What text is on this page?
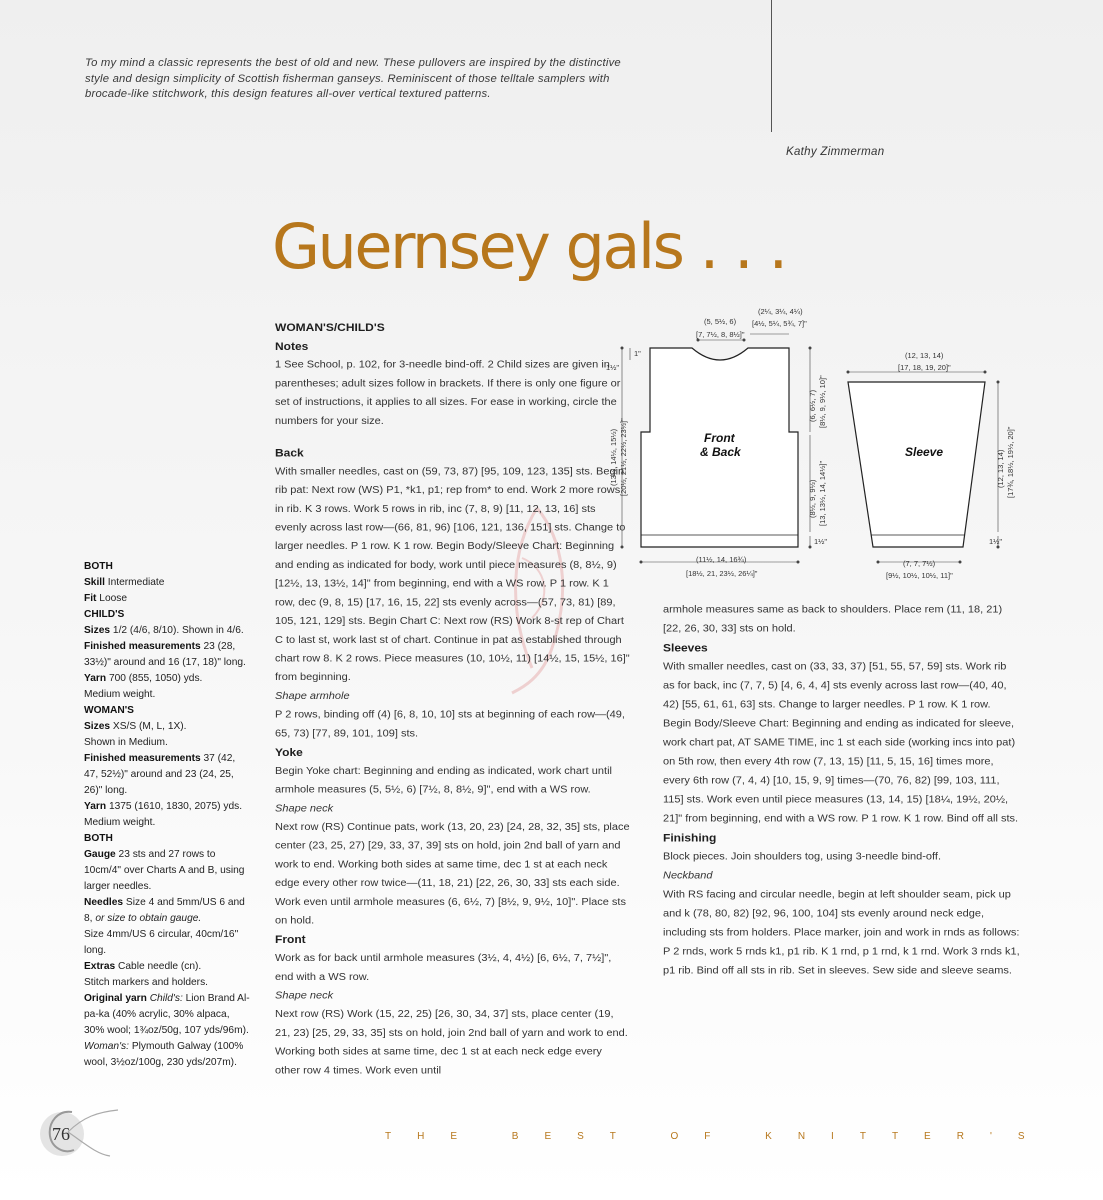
To my mind a classic represents the best of old and new. These pullovers are inspired by the distinctive style and design simplicity of Scottish fisherman ganseys. Reminiscent of those telltale samplers with brocade-like stitchwork, this design features all-over vertical textured patterns.
Kathy Zimmerman
Guernsey gals . . .
Front
& Back
(5, 5½, 6)
[7, 7½, 8, 8½]"
(2¼, 3¼, 4¼)
[4½, 5¼, 5¾, 7]"
1½"
1"
(6, 6½, 7) [8½, 9, 9½, 10]"
(8½, 9, 9½) [13, 13½, 14, 14½]"
(13½, 14½, 15½) [20½, 21½, 22½, 23½]"
1½"
(11½, 14, 16¾)
[18½, 21, 23½, 26¼]"
Sleeve
(12, 13, 14)
[17, 18, 19, 20]"
(12, 13, 14) [17¾, 18½, 19½, 20]"
1½"
(7, 7, 7½)
[9½, 10½, 10½, 11]"

WOMAN'S/CHILD'S

Notes

1 See School, p. 102, for 3-needle bind-off. 2 Child sizes are given in parentheses; adult sizes follow in brackets. If there is only one figure or set of instructions, it applies to all sizes. For ease in working, circle the numbers for your size.

Back

With smaller needles, cast on (59, 73, 87) [95, 109, 123, 135] sts. Begin rib pat: Next row (WS) P1, *k1, p1; rep from* to end. Work 2 more rows in rib. K 3 rows. Work 5 rows in rib, inc (7, 8, 9) [11, 12, 13, 16] sts evenly across last row—(66, 81, 96) [106, 121, 136, 151] sts. Change to larger needles. P 1 row. K 1 row. Begin Body/Sleeve Chart: Beginning and ending as indicated for body, work until piece measures (8, 8½, 9) [12½, 13, 13½, 14]" from beginning, end with a WS row. P 1 row. K 1 row, dec (9, 8, 15) [17, 16, 15, 22] sts evenly across—(57, 73, 81) [89, 105, 121, 129] sts. Begin Chart C: Next row (RS) Work 8-st rep of Chart C to last st, work last st of chart. Continue in pat as established through chart row 8. K 2 rows. Piece measures (10, 10½, 11) [14½, 15, 15½, 16]" from beginning.

Shape armhole

P 2 rows, binding off (4) [6, 8, 10, 10] sts at beginning of each row—(49, 65, 73) [77, 89, 101, 109] sts.

Yoke

Begin Yoke chart: Beginning and ending as indicated, work chart until armhole measures (5, 5½, 6) [7½, 8, 8½, 9]", end with a WS row.

Shape neck

Next row (RS) Continue pats, work (13, 20, 23) [24, 28, 32, 35] sts, place center (23, 25, 27) [29, 33, 37, 39] sts on hold, join 2nd ball of yarn and work to end. Working both sides at same time, dec 1 st at each neck edge every other row twice—(11, 18, 21) [22, 26, 30, 33] sts each side. Work even until armhole measures (6, 6½, 7) [8½, 9, 9½, 10]". Place sts on hold.

Front

Work as for back until armhole measures (3½, 4, 4½) [6, 6½, 7, 7½]", end with a WS row.

Shape neck

Next row (RS) Work (15, 22, 25) [26, 30, 34, 37] sts, place center (19, 21, 23) [25, 29, 33, 35] sts on hold, join 2nd ball of yarn and work to end. Working both sides at same time, dec 1 st at each neck edge every other row 4 times. Work even until

armhole measures same as back to shoulders. Place rem (11, 18, 21) [22, 26, 30, 33] sts on hold.

Sleeves

With smaller needles, cast on (33, 33, 37) [51, 55, 57, 59] sts. Work rib as for back, inc (7, 7, 5) [4, 6, 4, 4] sts evenly across last row—(40, 40, 42) [55, 61, 61, 63] sts. Change to larger needles. P 1 row. K 1 row. Begin Body/Sleeve Chart: Beginning and ending as indicated for sleeve, work chart pat, AT SAME TIME, inc 1 st each side (working incs into pat) on 5th row, then every 4th row (7, 13, 15) [11, 5, 15, 16] times more, every 6th row (7, 4, 4) [10, 15, 9, 9] times—(70, 76, 82) [99, 103, 111, 115] sts. Work even until piece measures (13, 14, 15) [18¼, 19½, 20½, 21]" from beginning, end with a WS row. P 1 row. K 1 row. Bind off all sts.

Finishing

Block pieces. Join shoulders tog, using 3-needle bind-off.

Neckband

With RS facing and circular needle, begin at left shoulder seam, pick up and k (78, 80, 82) [92, 96, 100, 104] sts evenly around neck edge, including sts from holders. Place marker, join and work in rnds as follows: P 2 rnds, work 5 rnds k1, p1 rib. K 1 rnd, p 1 rnd, k 1 rnd. Work 3 rnds k1, p1 rib. Bind off all sts in rib. Set in sleeves. Sew side and sleeve seams.

BOTH

Skill Intermediate

Fit Loose

CHILD'S

Sizes 1/2 (4/6, 8/10). Shown in 4/6.

Finished measurements 23 (28, 33½)" around and 16 (17, 18)" long.

Yarn 700 (855, 1050) yds.

Medium weight.

WOMAN'S

Sizes XS/S (M, L, 1X).

Shown in Medium.

Finished measurements 37 (42, 47, 52½)" around and 23 (24, 25, 26)" long.

Yarn 1375 (1610, 1830, 2075) yds.

Medium weight.

BOTH

Gauge 23 sts and 27 rows to 10cm/4" over Charts A and B, using larger needles.

Needles Size 4 and 5mm/US 6 and 8, or size to obtain gauge.

Size 4mm/US 6 circular, 40cm/16" long.

Extras Cable needle (cn).

Stitch markers and holders.

Original yarn Child's: Lion Brand Al-pa-ka (40% acrylic, 30% alpaca, 30% wool; 1¾oz/50g, 107 yds/96m). Woman's: Plymouth Galway (100% wool, 3½oz/100g, 230 yds/207m).

76	THE BEST OF KNITTER'S
